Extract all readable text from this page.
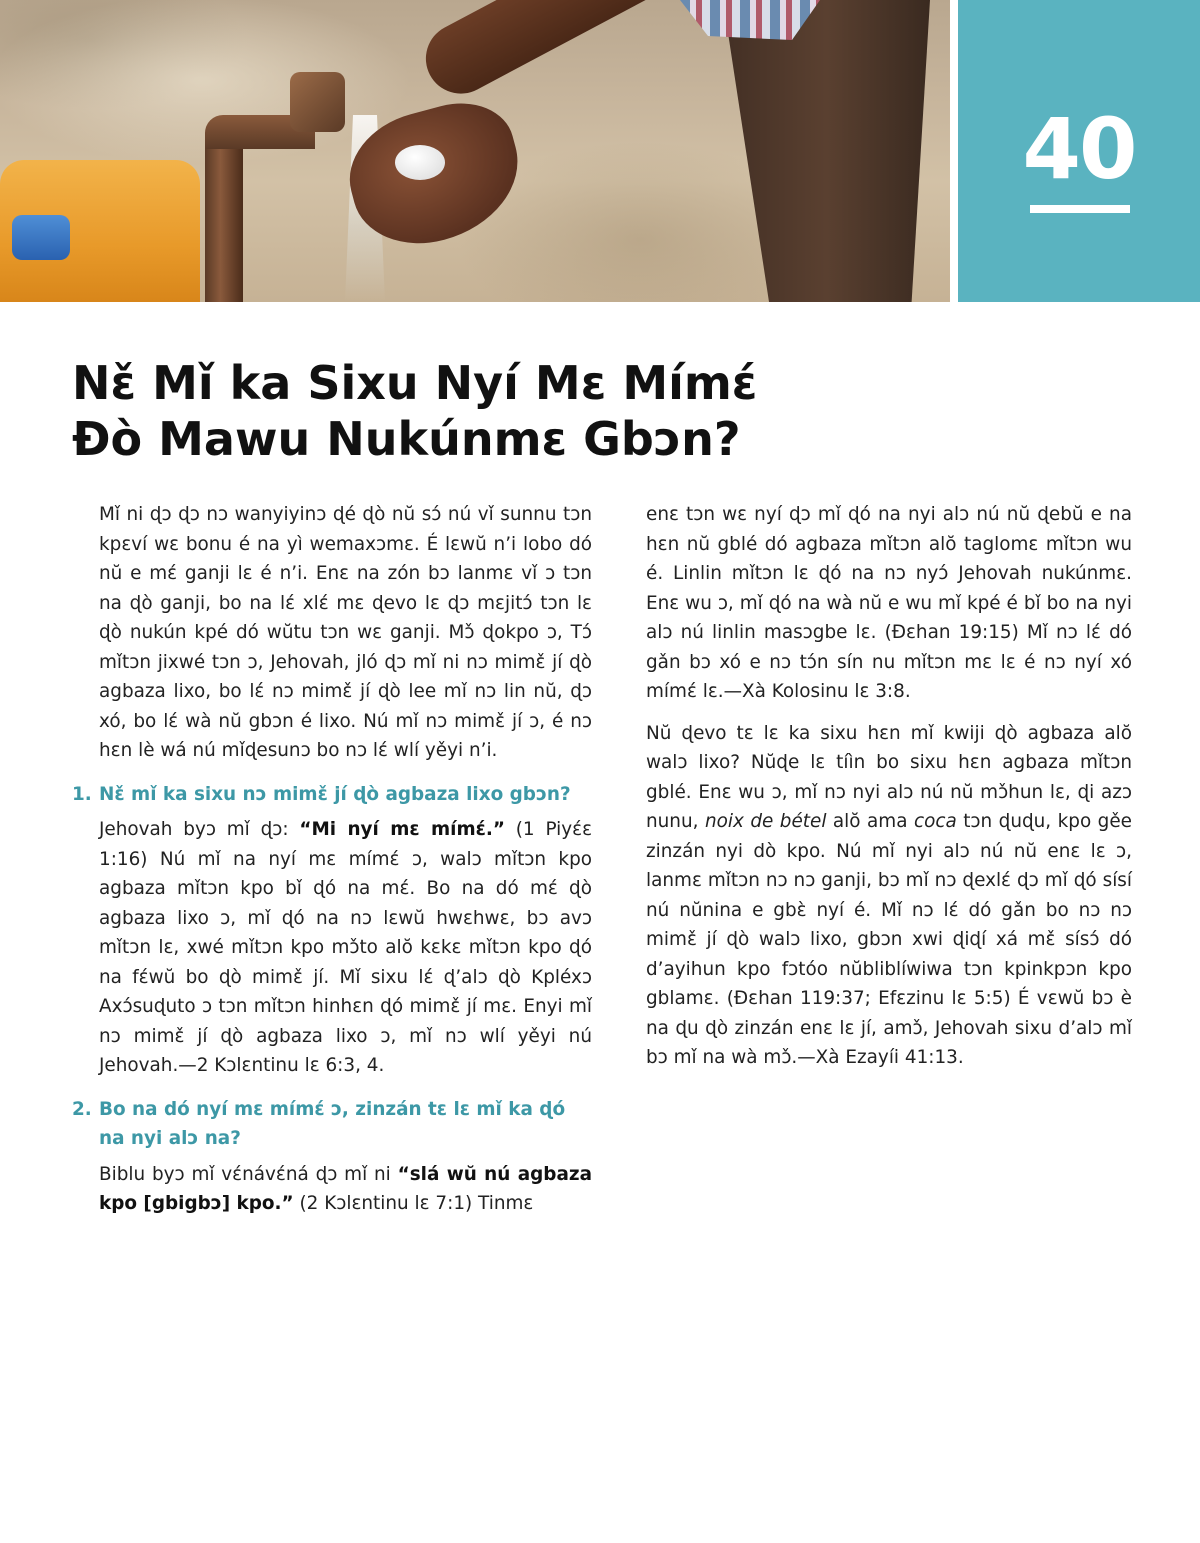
40
Nɛ̌ Mǐ ka Sixu Nyí Mɛ Mímɛ́
Ðò Mawu Nukúnmɛ Gbɔn?

Mǐ ni ɖɔ ɖɔ nɔ wanyiyinɔ ɖé ɖò nŭ sɔ́ nú vǐ sunnu tɔn kpɛví wɛ bonu é na yì wemaxɔmɛ. É lɛwŭ n’i lobo dó nŭ e mɛ́ ganji lɛ é n’i. Enɛ na zón bɔ lanmɛ vǐ ɔ tɔn na ɖò ganji, bo na lɛ́ xlɛ́ mɛ ɖevo lɛ ɖɔ mɛjitɔ́ tɔn lɛ ɖò nukún kpé dó wŭtu tɔn wɛ ganji. Mɔ̌ ɖokpo ɔ, Tɔ́ mǐtɔn jixwé tɔn ɔ, Jehovah, jló ɖɔ mǐ ni nɔ mimɛ̌ jí ɖò agbaza lixo, bo lɛ́ nɔ mimɛ̌ jí ɖò lee mǐ nɔ lin nŭ, ɖɔ xó, bo lɛ́ wà nŭ gbɔn é lixo. Nú mǐ nɔ mimɛ̌ jí ɔ, é nɔ hɛn lè wá nú mǐɖesunɔ bo nɔ lɛ́ wlí yěyi n’i.

1. Nɛ̌ mǐ ka sixu nɔ mimɛ̌ jí ɖò agbaza lixo gbɔn?

Jehovah byɔ mǐ ɖɔ: “Mi nyí mɛ mímɛ́.” (1 Piyɛ́ɛ 1:16) Nú mǐ na nyí mɛ mímɛ́ ɔ, walɔ mǐtɔn kpo agbaza mǐtɔn kpo bǐ ɖó na mɛ́. Bo na dó mɛ́ ɖò agbaza lixo ɔ, mǐ ɖó na nɔ lɛwŭ hwɛhwɛ, bɔ avɔ mǐtɔn lɛ, xwé mǐtɔn kpo mɔ̌to alŏ kɛkɛ mǐtɔn kpo ɖó na fɛ́wŭ bo ɖò mimɛ̌ jí. Mǐ sixu lɛ́ ɖ’alɔ ɖò Kpléxɔ Axɔ́suɖuto ɔ tɔn mǐtɔn hinhɛn ɖó mimɛ̌ jí mɛ. Enyi mǐ nɔ mimɛ̌ jí ɖò agbaza lixo ɔ, mǐ nɔ wlí yěyi nú Jehovah.—2 Kɔlɛntinu lɛ 6:3, 4.

2. Bo na dó nyí mɛ mímɛ́ ɔ, zinzán tɛ lɛ mǐ ka ɖó na nyi alɔ na?

Biblu byɔ mǐ vɛ́návɛ́ná ɖɔ mǐ ni “slá wŭ nú agbaza kpo [gbigbɔ] kpo.” (2 Kɔlɛntinu lɛ 7:1) Tinmɛ

enɛ tɔn wɛ nyí ɖɔ mǐ ɖó na nyi alɔ nú nŭ ɖebŭ e na hɛn nŭ gblé dó agbaza mǐtɔn alŏ taglomɛ mǐtɔn wu é. Linlin mǐtɔn lɛ ɖó na nɔ nyɔ́ Jehovah nukúnmɛ. Enɛ wu ɔ, mǐ ɖó na wà nŭ e wu mǐ kpé é bǐ bo na nyi alɔ nú linlin masɔgbe lɛ. (Ðɛhan 19:15) Mǐ nɔ lɛ́ dó gǎn bɔ xó e nɔ tɔ́n sín nu mǐtɔn mɛ lɛ é nɔ nyí xó mímɛ́ lɛ.—Xà Kolosinu lɛ 3:8.

Nŭ ɖevo tɛ lɛ ka sixu hɛn mǐ kwiji ɖò agbaza alŏ walɔ lixo? Nŭɖe lɛ tíìn bo sixu hɛn agbaza mǐtɔn gblé. Enɛ wu ɔ, mǐ nɔ nyi alɔ nú nŭ mɔ̌hun lɛ, ɖi azɔ nunu, noix de bétel alŏ ama coca tɔn ɖuɖu, kpo gěe zinzán nyi dò kpo. Nú mǐ nyi alɔ nú nŭ enɛ lɛ ɔ, lanmɛ mǐtɔn nɔ nɔ ganji, bɔ mǐ nɔ ɖexlɛ́ ɖɔ mǐ ɖó sísí nú nŭnina e gbɛ̀ nyí é. Mǐ nɔ lɛ́ dó gǎn bo nɔ nɔ mimɛ̌ jí ɖò walɔ lixo, gbɔn xwi ɖiɖí xá mɛ̌ sísɔ́ dó d’ayihun kpo fɔtóo nŭbliblíwiwa tɔn kpinkpɔn kpo gblamɛ. (Ðɛhan 119:37; Efɛzinu lɛ 5:5) É vɛwŭ bɔ è na ɖu ɖò zinzán enɛ lɛ jí, amɔ̌, Jehovah sixu d’alɔ mǐ bɔ mǐ na wà mɔ̌.—Xà Ezayíi 41:13.
